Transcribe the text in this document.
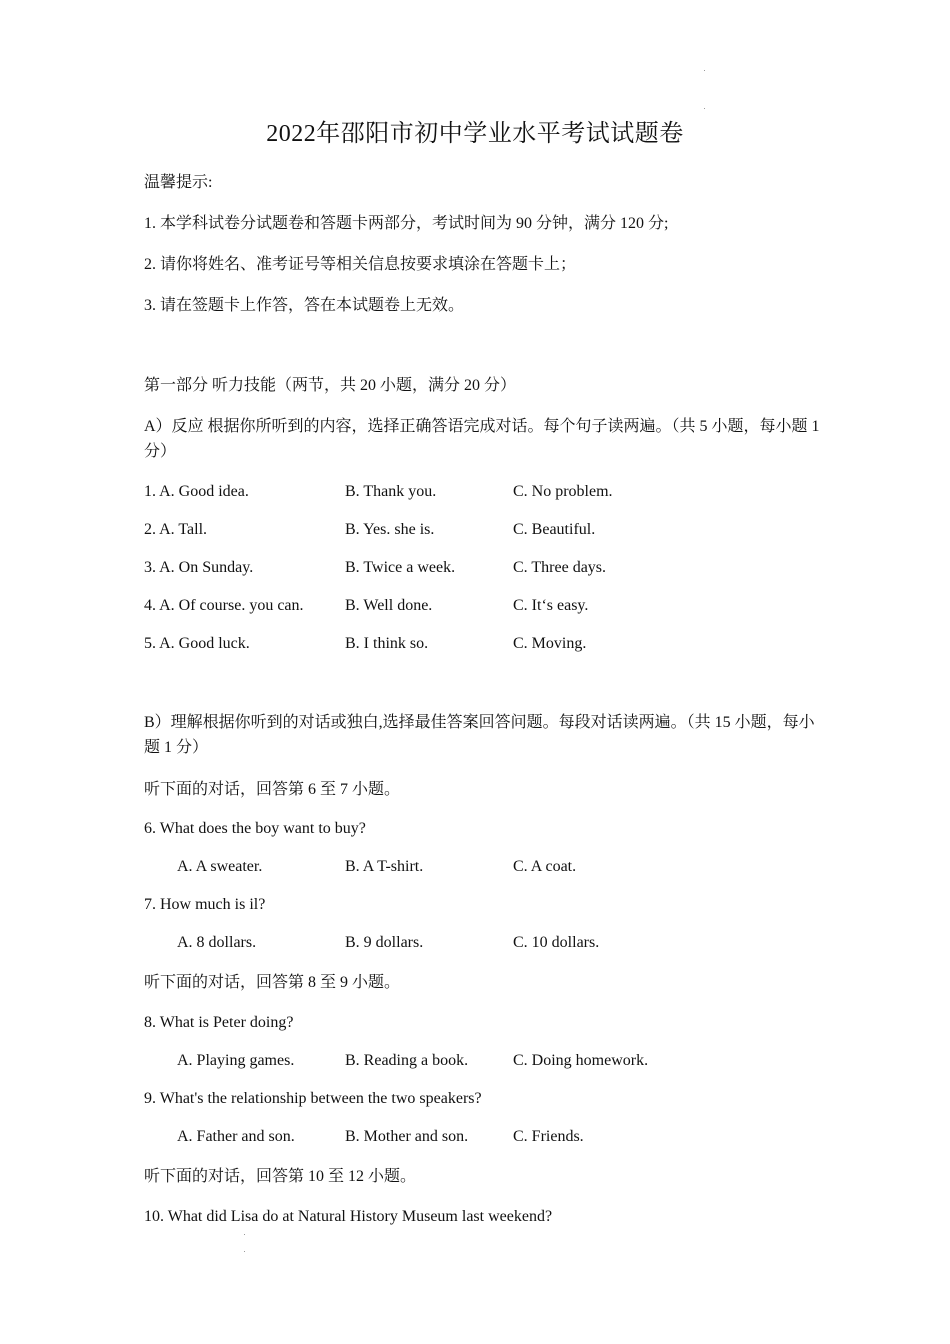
2022年邵阳市初中学业水平考试试题卷
温馨提示:
1. 本学科试卷分试题卷和答题卡两部分，考试时间为 90 分钟，满分 120 分;
2. 请你将姓名、准考证号等相关信息按要求填涂在答题卡上；
3. 请在签题卡上作答，答在本试题卷上无效。
第一部分 听力技能（两节，共 20 小题，满分 20 分）
A）反应 根据你所听到的内容，选择正确答语完成对话。每个句子读两遍。（共 5 小题，每小题 1 分）
1. A. Good idea.	B. Thank you.	C. No problem.
2. A. Tall.	B. Yes. she is.	C. Beautiful.
3. A. On Sunday.	B. Twice a week.	C. Three days.
4. A. Of course. you can.	B. Well done.	C. It‘s easy.
5. A. Good luck.	B. I think so.	C. Moving.
B）理解根据你听到的对话或独白,选择最佳答案回答问题。每段对话读两遍。（共 15 小题，每小题 1 分）
听下面的对话，回答第 6 至 7 小题。
6. What does the boy want to buy?
A. A sweater.	B. A T-shirt.	C. A coat.
7. How much is il?
A. 8 dollars.	B. 9 dollars.	C. 10 dollars.
听下面的对话，回答第 8 至 9 小题。
8. What is Peter doing?
A. Playing games.	B. Reading a book.	C. Doing homework.
9. What's the relationship between the two speakers?
A. Father and son.	B. Mother and son.	C. Friends.
听下面的对话，回答第 10 至 12 小题。
10. What did Lisa do at Natural History Museum last weekend?
